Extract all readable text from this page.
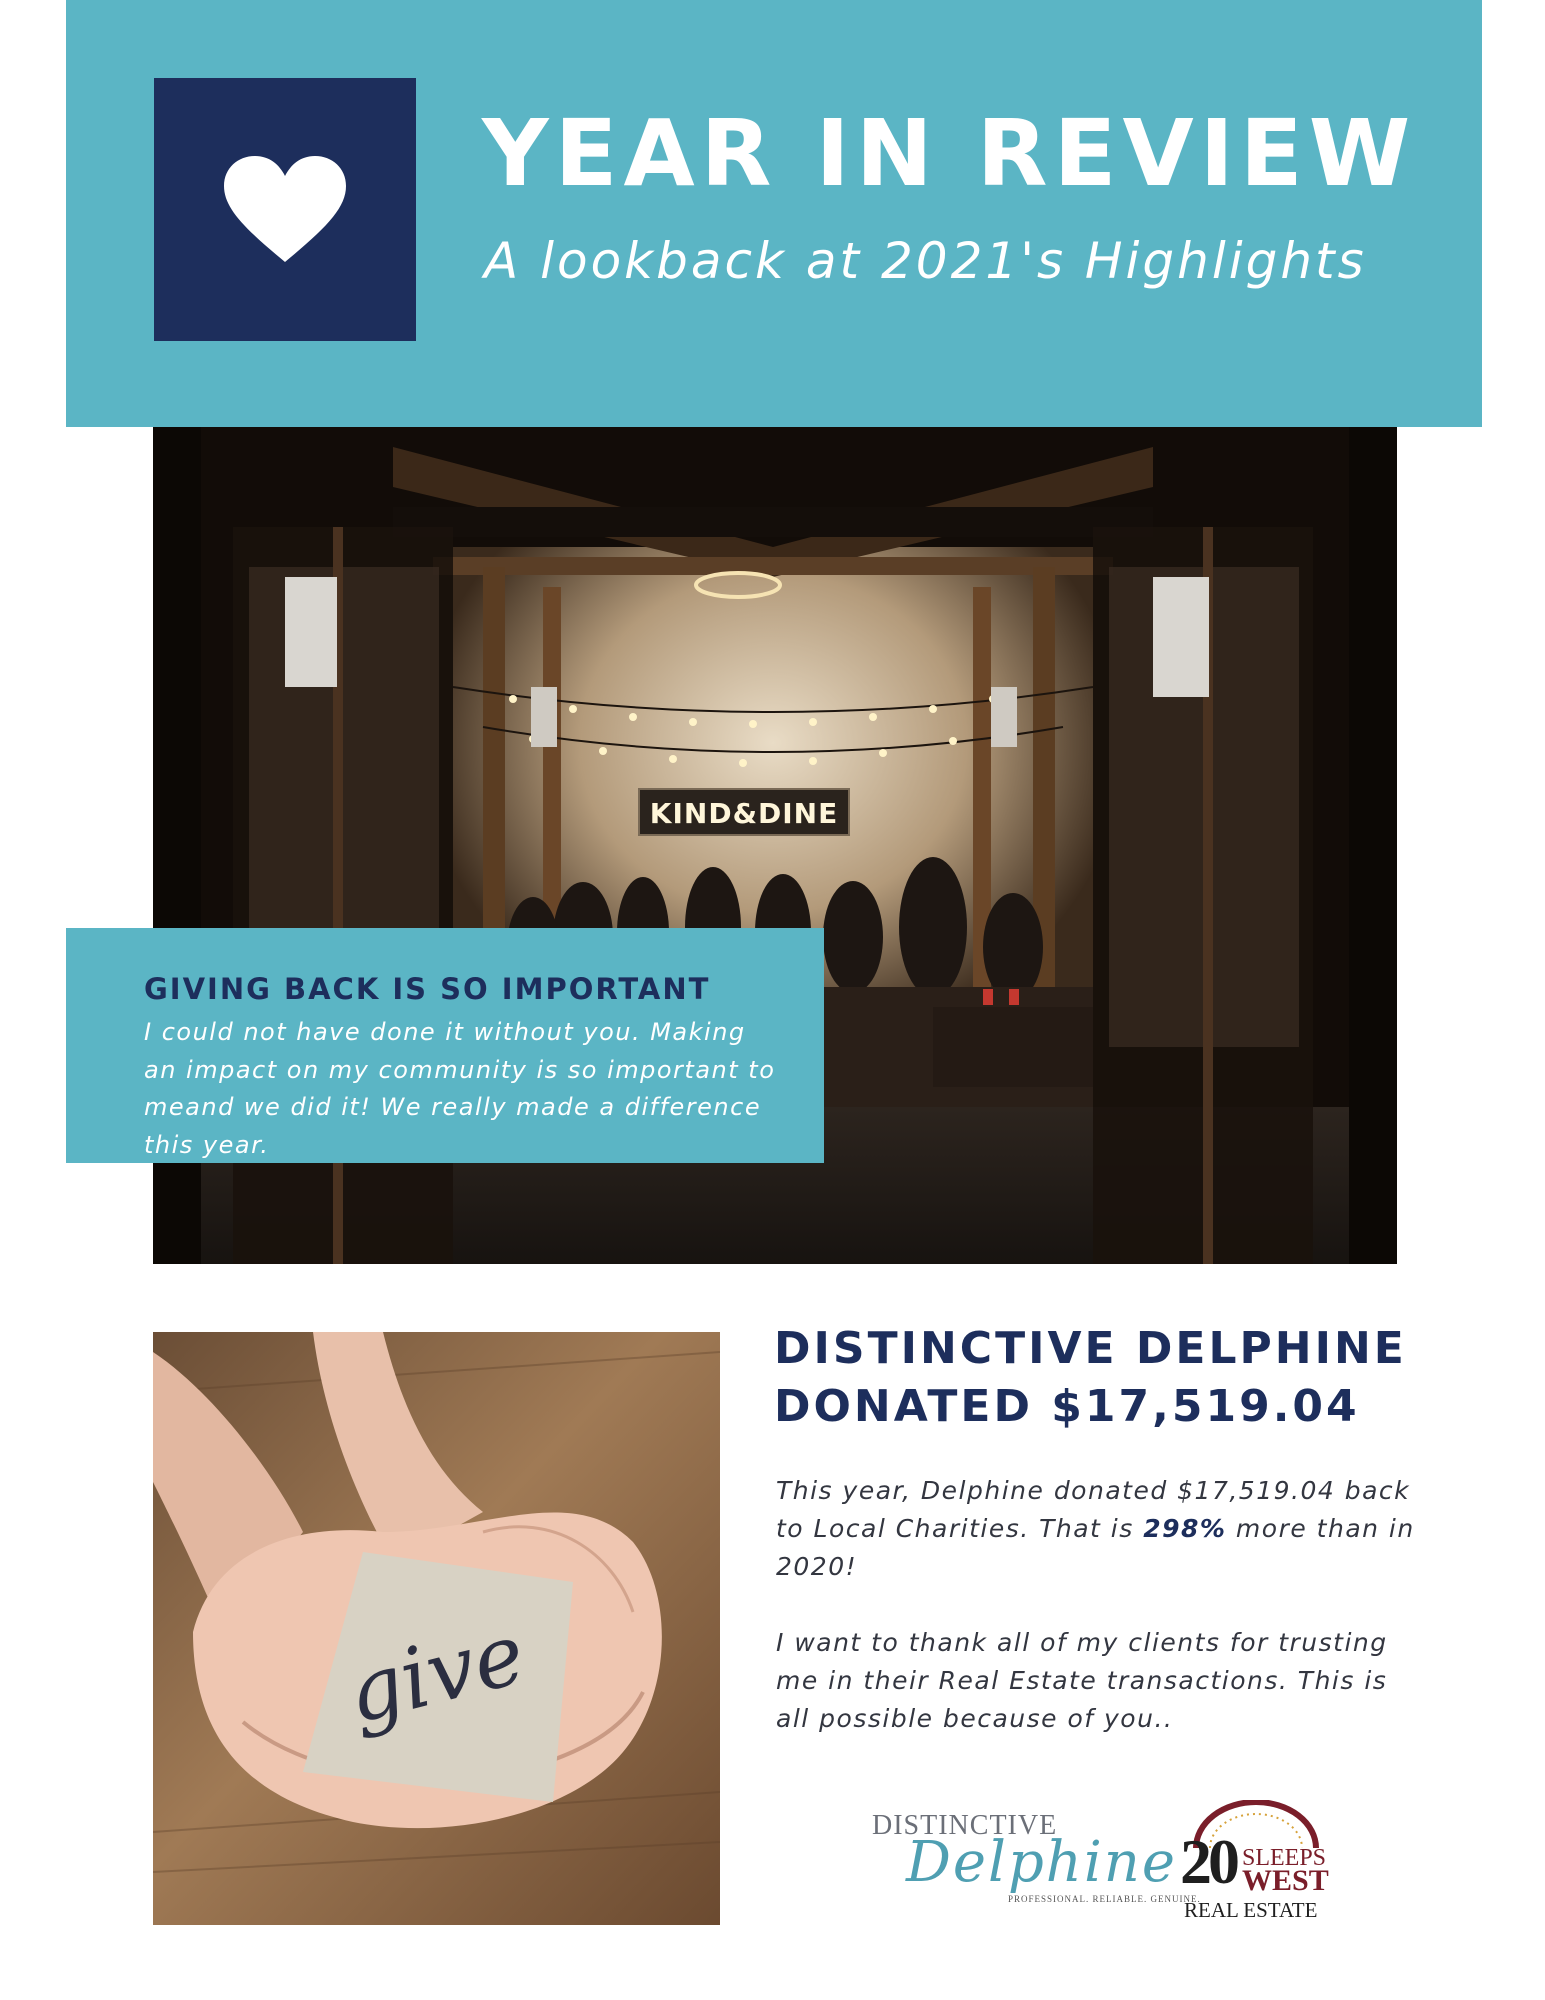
YEAR IN REVIEW
A lookback at 2021's Highlights
KIND&DINE
GIVING BACK IS SO IMPORTANT

I could not have done it without you. Making an impact on my community is so important to meand we did it! We really made a difference this year.

give
DISTINCTIVE DELPHINE
DONATED $17,519.04

This year, Delphine donated $17,519.04 back to Local Charities. That is 298% more than in 2020!

I want to thank all of my clients for trusting me in their Real Estate transactions. This is all possible because of you..

DISTINCTIVE

Delphine

PROFESSIONAL. RELIABLE. GENUINE.

20 SLEEPS

WEST

REAL ESTATE
